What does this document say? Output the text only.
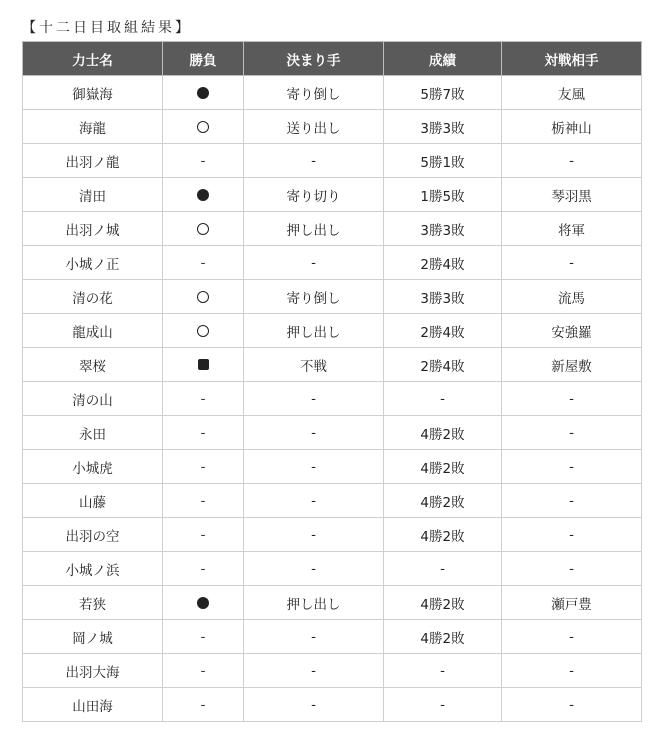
【十二日目取組結果】
力士名	勝負	決まり手	成績	対戦相手
御嶽海		寄り倒し	5勝7敗	友風
海龍		送り出し	3勝3敗	栃神山
出羽ノ龍	-	-	5勝1敗	-
清田		寄り切り	1勝5敗	琴羽黒
出羽ノ城		押し出し	3勝3敗	将軍
小城ノ正	-	-	2勝4敗	-
清の花		寄り倒し	3勝3敗	流馬
龍成山		押し出し	2勝4敗	安強羅
翠桜		不戦	2勝4敗	新屋敷
清の山	-	-	-	-
永田	-	-	4勝2敗	-
小城虎	-	-	4勝2敗	-
山藤	-	-	4勝2敗	-
出羽の空	-	-	4勝2敗	-
小城ノ浜	-	-	-	-
若狭		押し出し	4勝2敗	瀬戸豊
岡ノ城	-	-	4勝2敗	-
出羽大海	-	-	-	-
山田海	-	-	-	-
